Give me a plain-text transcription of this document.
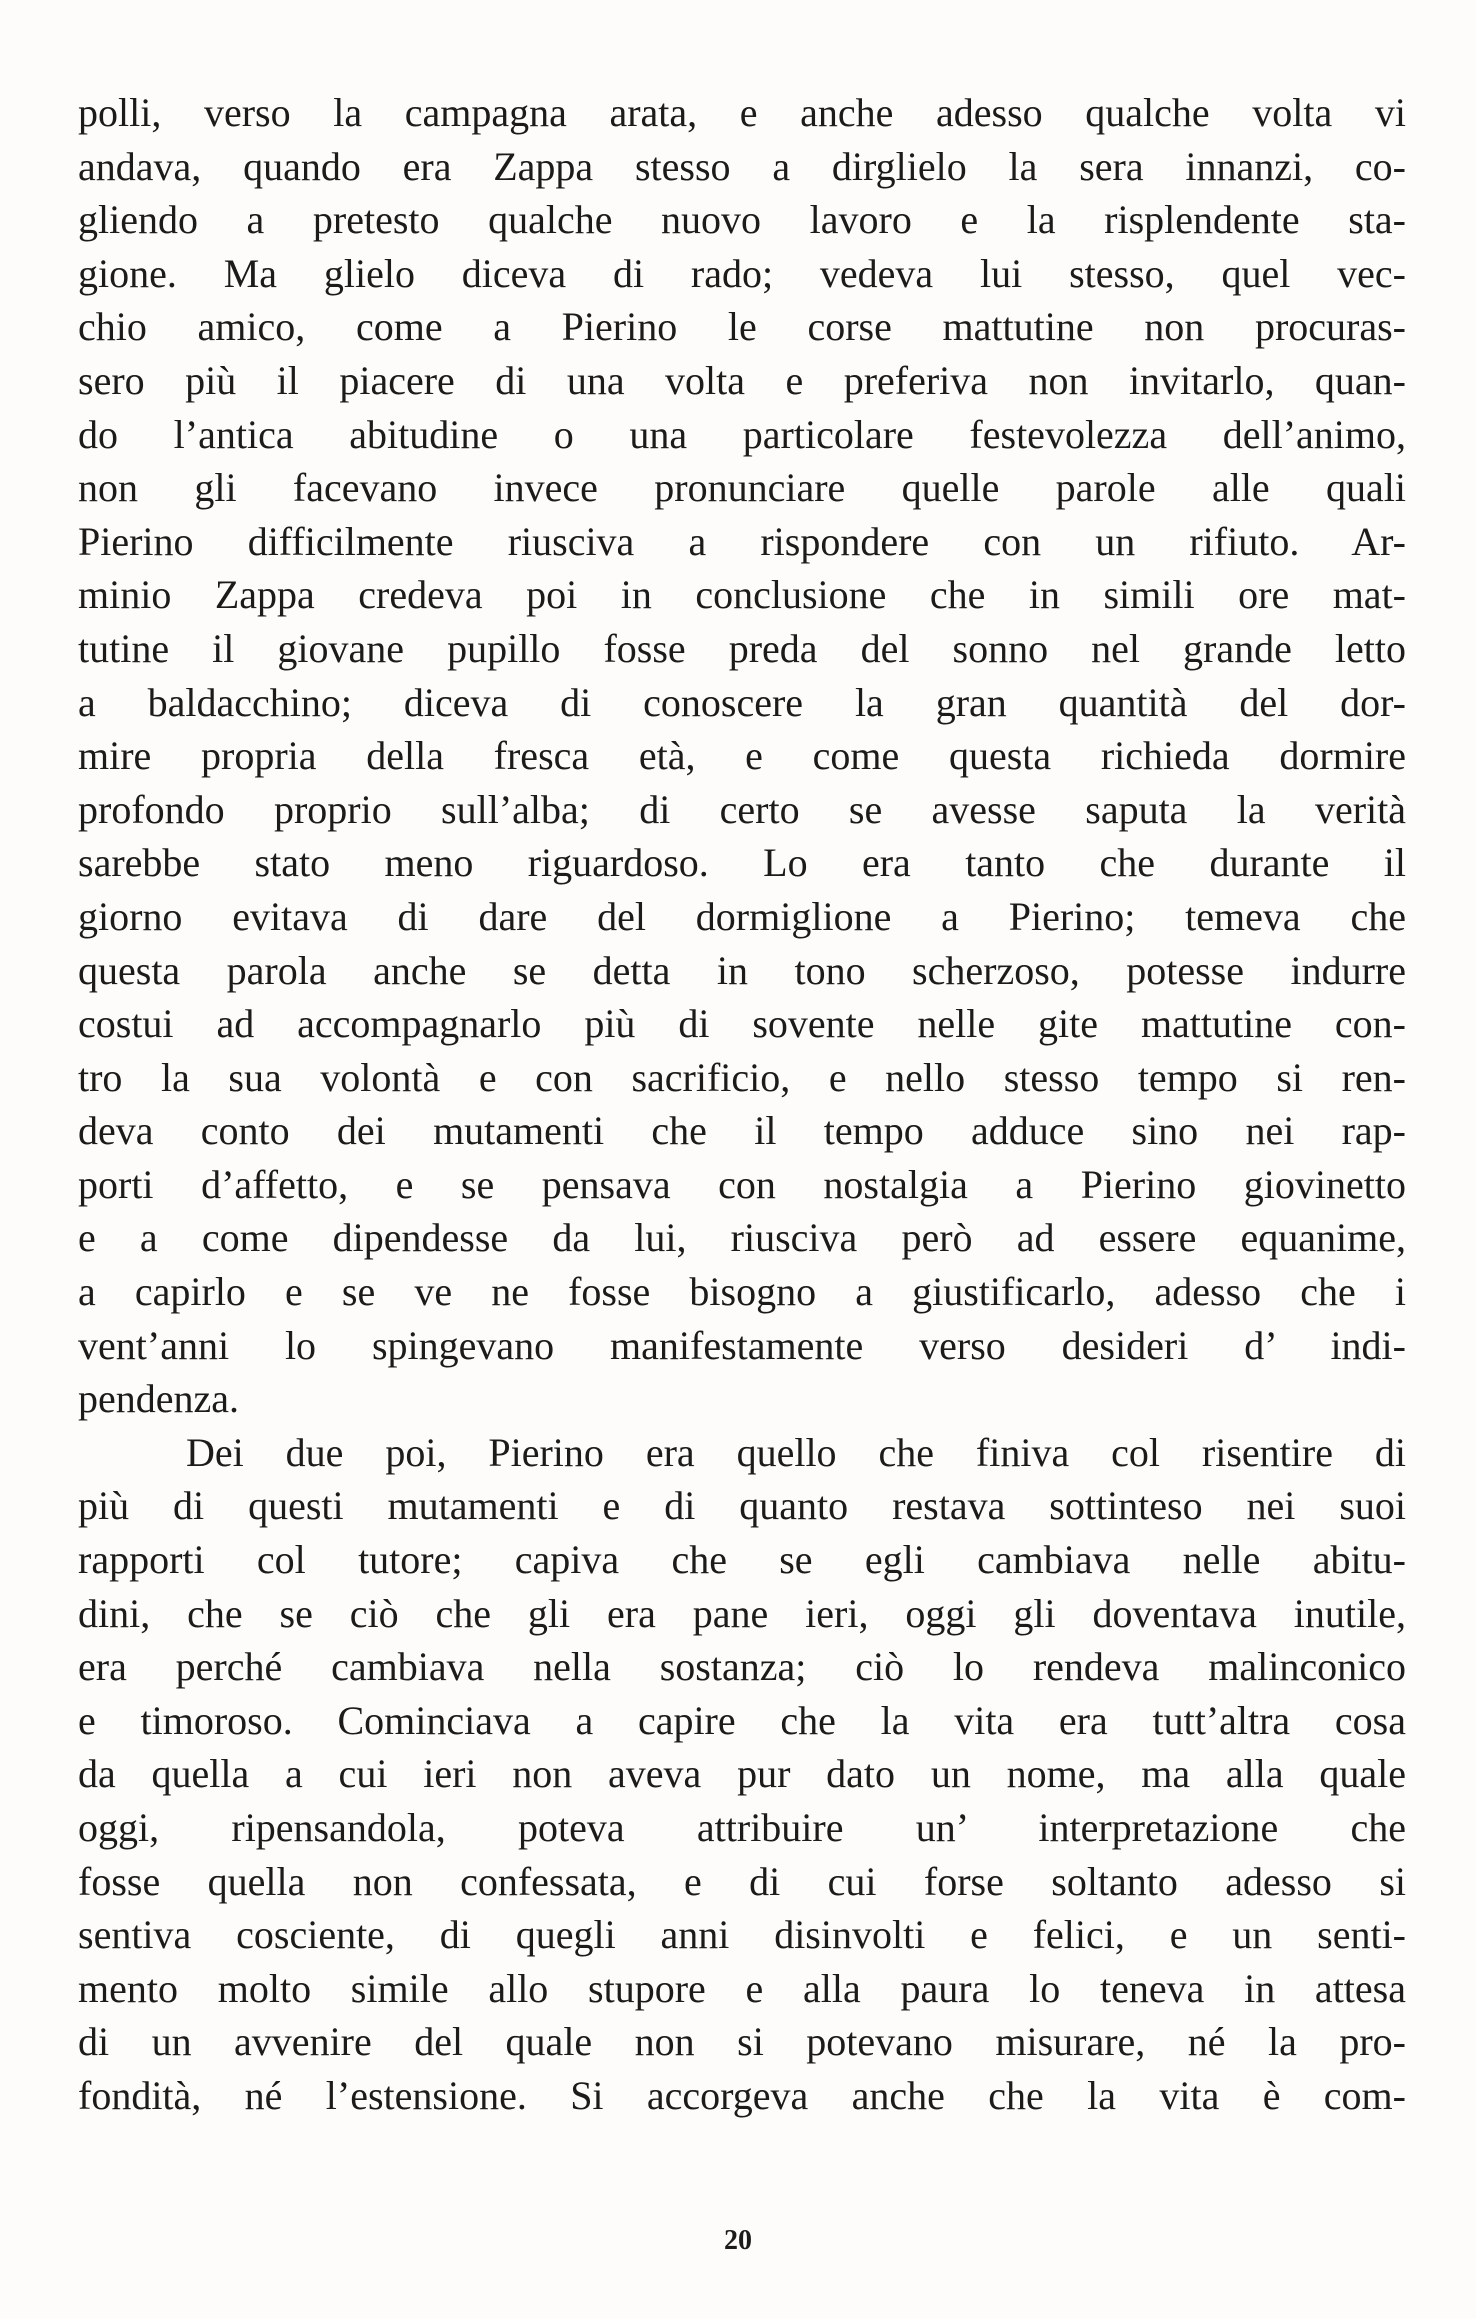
polli, verso la campagna arata, e anche adesso qualche volta vi
andava, quando era Zappa stesso a dirglielo la sera innanzi, co-
gliendo a pretesto qualche nuovo lavoro e la risplendente sta-
gione. Ma glielo diceva di rado; vedeva lui stesso, quel vec-
chio amico, come a Pierino le corse mattutine non procuras-
sero più il piacere di una volta e preferiva non invitarlo, quan-
do l’antica abitudine o una particolare festevolezza dell’animo,
non gli facevano invece pronunciare quelle parole alle quali
Pierino difficilmente riusciva a rispondere con un rifiuto. Ar-
minio Zappa credeva poi in conclusione che in simili ore mat-
tutine il giovane pupillo fosse preda del sonno nel grande letto
a baldacchino; diceva di conoscere la gran quantità del dor-
mire propria della fresca età, e come questa richieda dormire
profondo proprio sull’alba; di certo se avesse saputa la verità
sarebbe stato meno riguardoso. Lo era tanto che durante il
giorno evitava di dare del dormiglione a Pierino; temeva che
questa parola anche se detta in tono scherzoso, potesse indurre
costui ad accompagnarlo più di sovente nelle gite mattutine con-
tro la sua volontà e con sacrificio, e nello stesso tempo si ren-
deva conto dei mutamenti che il tempo adduce sino nei rap-
porti d’affetto, e se pensava con nostalgia a Pierino giovinetto
e a come dipendesse da lui, riusciva però ad essere equanime,
a capirlo e se ve ne fosse bisogno a giustificarlo, adesso che i
vent’anni lo spingevano manifestamente verso desideri d’ indi-
pendenza.
Dei due poi, Pierino era quello che finiva col risentire di
più di questi mutamenti e di quanto restava sottinteso nei suoi
rapporti col tutore; capiva che se egli cambiava nelle abitu-
dini, che se ciò che gli era pane ieri, oggi gli doventava inutile,
era perché cambiava nella sostanza; ciò lo rendeva malinconico
e timoroso. Cominciava a capire che la vita era tutt’altra cosa
da quella a cui ieri non aveva pur dato un nome, ma alla quale
oggi, ripensandola, poteva attribuire un’ interpretazione che
fosse quella non confessata, e di cui forse soltanto adesso si
sentiva cosciente, di quegli anni disinvolti e felici, e un senti-
mento molto simile allo stupore e alla paura lo teneva in attesa
di un avvenire del quale non si potevano misurare, né la pro-
fondità, né l’estensione. Si accorgeva anche che la vita è com-
20
